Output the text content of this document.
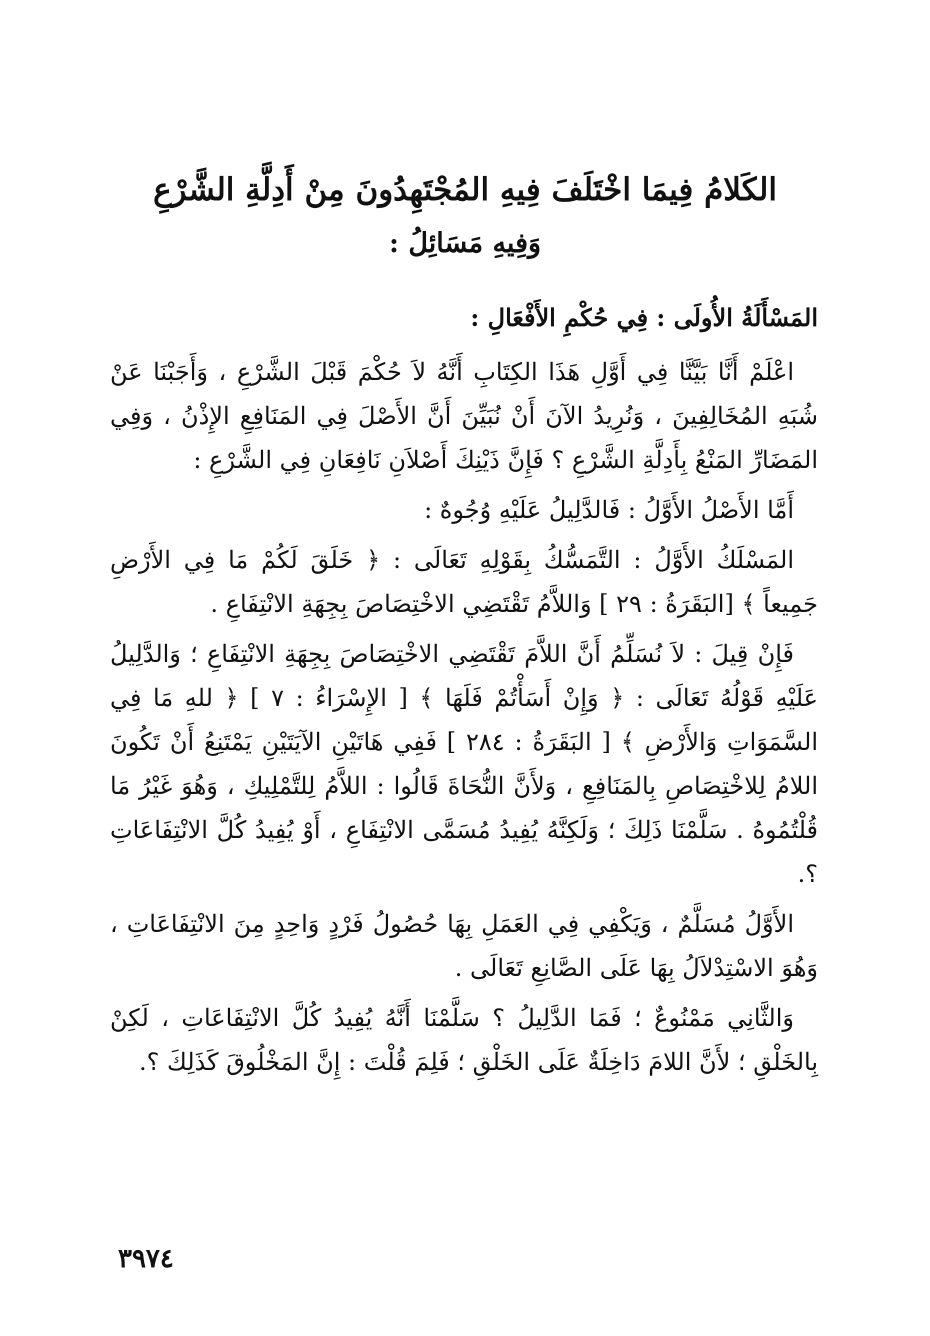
الكَلامُ فِيمَا اخْتَلَفَ فِيهِ المُجْتَهِدُونَ مِنْ أَدِلَّةِ الشَّرْعِ
وَفِيهِ مَسَائِلُ :

المَسْأَلَةُ الأُولَى : فِي حُكْمِ الأَفْعَالِ :

اعْلَمْ أَنَّا بَيَّنَّا فِي أَوَّلِ هَذَا الكِتَابِ أَنَّهُ لاَ حُكْمَ قَبْلَ الشَّرْعِ ، وَأَجَبْنَا عَنْ شُبَهِ المُخَالِفِينَ ، وَنُرِيدُ الآنَ أَنْ نُبَيِّنَ أَنَّ الأَصْلَ فِي المَنَافِعِ الإِذْنُ ، وَفِي المَضَارِّ المَنْعُ بِأَدِلَّةِ الشَّرْعِ ؟ فَإِنَّ ذَيْنِكَ أَصْلاَنِ نَافِعَانِ فِي الشَّرْعِ :

أَمَّا الأَصْلُ الأَوَّلُ : فَالدَّلِيلُ عَلَيْهِ وُجُوهٌ :

المَسْلَكُ الأَوَّلُ : التَّمَسُّكُ بِقَوْلِهِ تَعَالَى : ﴿ خَلَقَ لَكُمْ مَا فِي الأَرْضِ جَمِيعاً ﴾ [البَقَرَةُ : ٢٩ ] وَاللاَّمُ تَقْتَضِي الاخْتِصَاصَ بِجِهَةِ الانْتِفَاعِ .

فَإِنْ قِيلَ : لاَ نُسَلِّمُ أَنَّ اللاَّمَ تَقْتَضِي الاخْتِصَاصَ بِجِهَةِ الانْتِفَاعِ ؛ وَالدَّلِيلُ عَلَيْهِ قَوْلُهُ تَعَالَى : ﴿ وَإِنْ أَسَأْتُمْ فَلَهَا ﴾ [ الإِسْرَاءُ : ٧ ] ﴿ للهِ مَا فِي السَّمَوَاتِ وَالأَرْضِ ﴾ [ البَقَرَةُ : ٢٨٤ ] فَفِي هَاتَيْنِ الآيَتَيْنِ يَمْتَنِعُ أَنْ تَكُونَ اللامُ لِلاخْتِصَاصِ بِالمَنَافِعِ ، وَلأَنَّ النُّحَاةَ قَالُوا : اللاَّمُ لِلتَّمْلِيكِ ، وَهُوَ غَيْرُ مَا قُلْتُمُوهُ . سَلَّمْنَا ذَلِكَ ؛ وَلَكِنَّهُ يُفِيدُ مُسَمَّى الانْتِفَاعِ ، أَوْ يُفِيدُ كُلَّ الانْتِفَاعَاتِ ؟.

الأَوَّلُ مُسَلَّمٌ ، وَيَكْفِي فِي العَمَلِ بِهَا حُصُولُ فَرْدٍ وَاحِدٍ مِنَ الانْتِفَاعَاتِ ، وَهُوَ الاسْتِدْلاَلُ بِهَا عَلَى الصَّانِعِ تَعَالَى .

وَالثَّانِي مَمْنُوعٌ ؛ فَمَا الدَّلِيلُ ؟ سَلَّمْنَا أَنَّهُ يُفِيدُ كُلَّ الانْتِفَاعَاتِ ، لَكِنْ بِالخَلْقِ ؛ لأَنَّ اللامَ دَاخِلَةٌ عَلَى الخَلْقِ ؛ فَلِمَ قُلْتَ : إِنَّ المَخْلُوقَ كَذَلِكَ ؟.

٣٩٧٤
